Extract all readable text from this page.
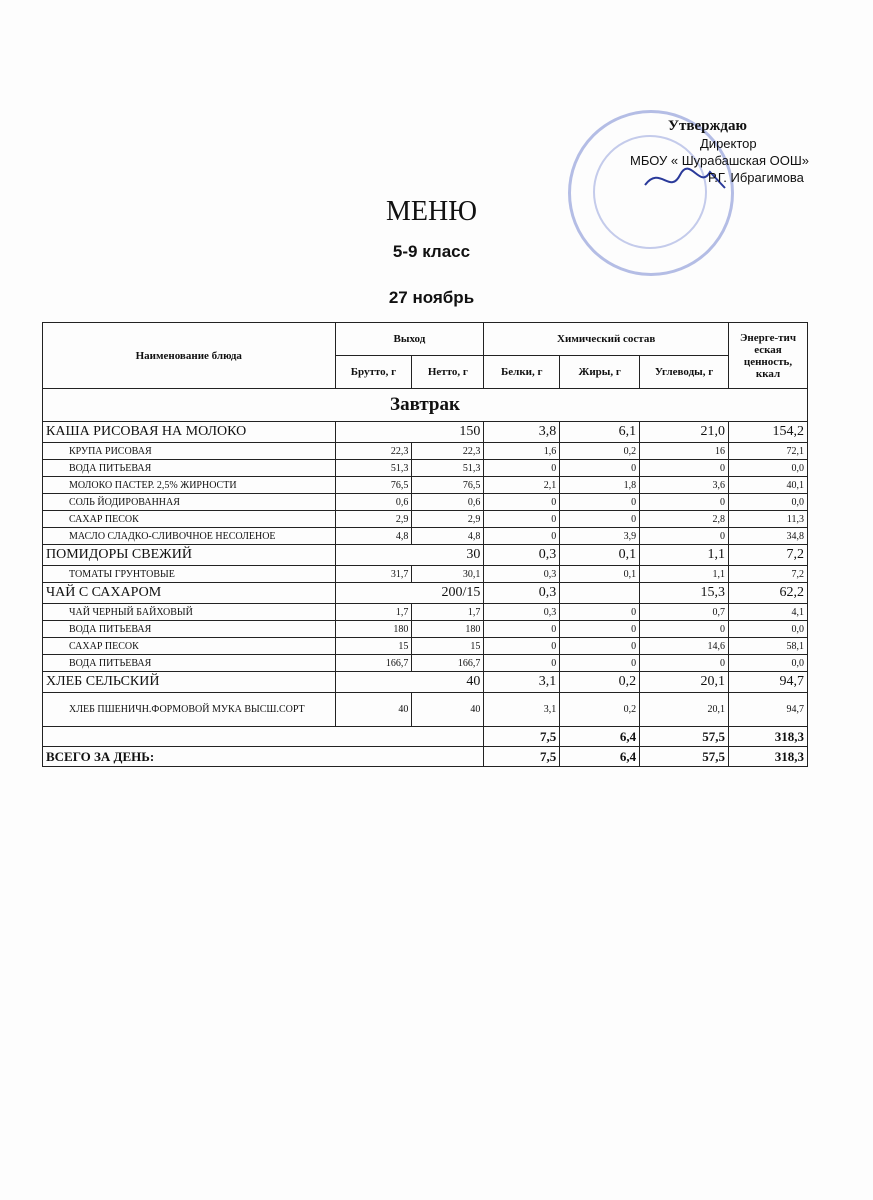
Утверждаю
Директор
МБОУ « Шурабашская ООШ»
Р.Г. Ибрагимова
МЕНЮ
5-9 класс
27 ноябрь
Наименование блюда	Выход		Химический состав			Энерге-тич еская ценность, ккал
	Брутто, г	Нетто, г	Белки, г	Жиры, г	Углеводы, г	
Завтрак						
КАША РИСОВАЯ НА МОЛОКО	150		3,8	6,1	21,0	154,2
КРУПА РИСОВАЯ	22,3	22,3	1,6	0,2	16	72,1
ВОДА ПИТЬЕВАЯ	51,3	51,3	0	0	0	0,0
МОЛОКО ПАСТЕР. 2,5% ЖИРНОСТИ	76,5	76,5	2,1	1,8	3,6	40,1
СОЛЬ ЙОДИРОВАННАЯ	0,6	0,6	0	0	0	0,0
САХАР ПЕСОК	2,9	2,9	0	0	2,8	11,3
МАСЛО СЛАДКО-СЛИВОЧНОЕ НЕСОЛЕНОЕ	4,8	4,8	0	3,9	0	34,8
ПОМИДОРЫ СВЕЖИЙ	30		0,3	0,1	1,1	7,2
ТОМАТЫ ГРУНТОВЫЕ	31,7	30,1	0,3	0,1	1,1	7,2
ЧАЙ С САХАРОМ	200/15		0,3		15,3	62,2
ЧАЙ ЧЕРНЫЙ БАЙХОВЫЙ	1,7	1,7	0,3	0	0,7	4,1
ВОДА ПИТЬЕВАЯ	180	180	0	0	0	0,0
САХАР ПЕСОК	15	15	0	0	14,6	58,1
ВОДА ПИТЬЕВАЯ	166,7	166,7	0	0	0	0,0
ХЛЕБ СЕЛЬСКИЙ	40		3,1	0,2	20,1	94,7
ХЛЕБ ПШЕНИЧН.ФОРМОВОЙ МУКА ВЫСШ.СОРТ	40	40	3,1	0,2	20,1	94,7
			7,5	6,4	57,5	318,3
ВСЕГО ЗА ДЕНЬ:			7,5	6,4	57,5	318,3
